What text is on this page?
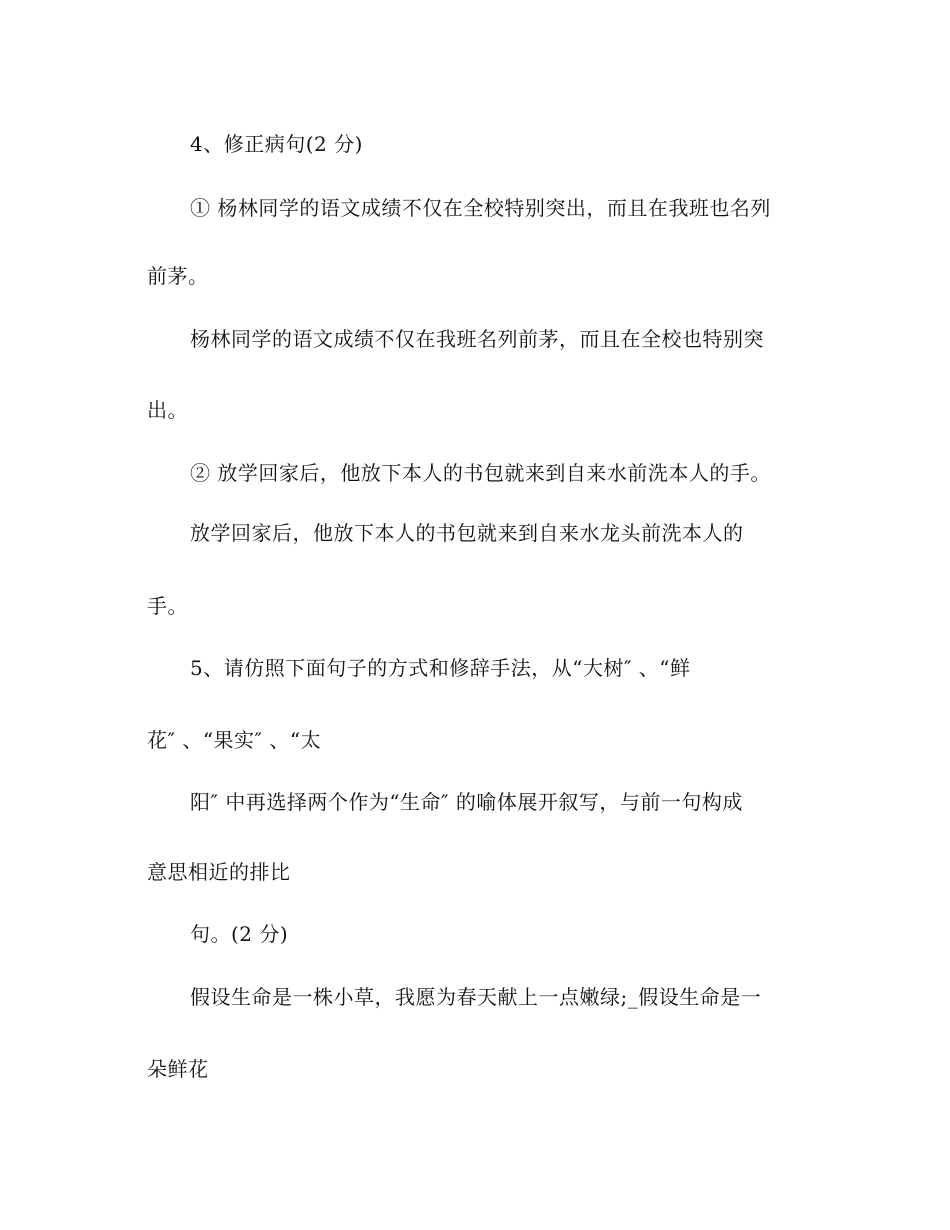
4、修正病句(2 分)
① 杨林同学的语文成绩不仅在全校特别突出，而且在我班也名列
前茅。
杨林同学的语文成绩不仅在我班名列前茅，而且在全校也特别突
出。
② 放学回家后，他放下本人的书包就来到自来水前洗本人的手。
放学回家后，他放下本人的书包就来到自来水龙头前洗本人的
手。
5、请仿照下面句子的方式和修辞手法，从“大树″ 、“鲜
花″ 、“果实″ 、“太
阳″ 中再选择两个作为“生命″ 的喻体展开叙写，与前一句构成
意思相近的排比
句。(2 分)
假设生命是一株小草，我愿为春天献上一点嫩绿;_假设生命是一
朵鲜花
